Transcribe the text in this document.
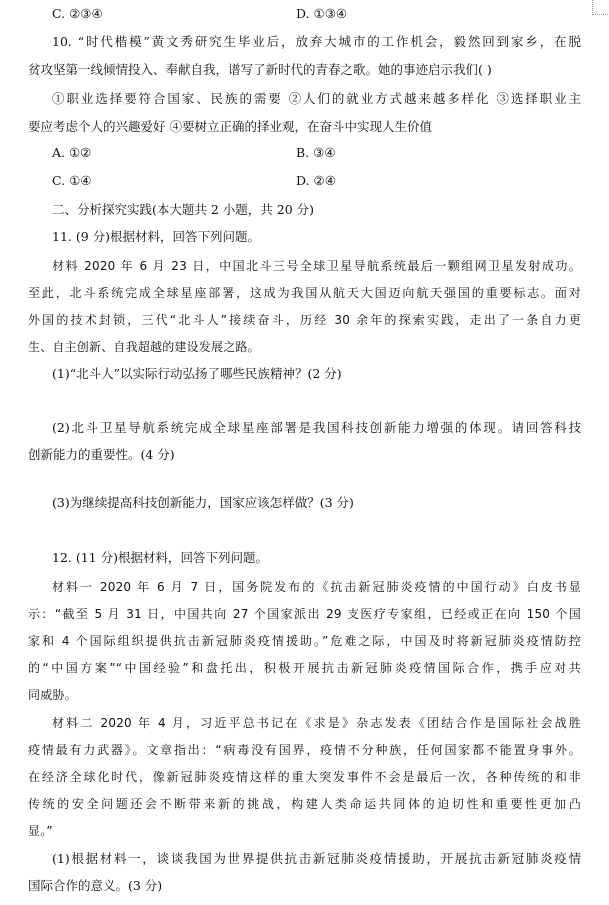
C. ②③④	D. ①③④
10. “时代楷模”黄文秀研究生毕业后，放弃大城市的工作机会，毅然回到家乡，在脱
贫攻坚第一线倾情投入、奉献自我，谱写了新时代的青春之歌。她的事迹启示我们( )
①职业选择要符合国家、民族的需要 ②人们的就业方式越来越多样化 ③选择职业主
要应考虑个人的兴趣爱好 ④要树立正确的择业观，在奋斗中实现人生价值
A. ①②	B. ③④
C. ①④	D. ②④
二、分析探究实践(本大题共 2 小题，共 20 分)
11. (9 分)根据材料，回答下列问题。
材料 2020 年 6 月 23 日，中国北斗三号全球卫星导航系统最后一颗组网卫星发射成功。
至此，北斗系统完成全球星座部署，这成为我国从航天大国迈向航天强国的重要标志。面对
外国的技术封锁，三代“北斗人”接续奋斗，历经 30 余年的探索实践，走出了一条自力更
生、自主创新、自我超越的建设发展之路。
(1)“北斗人”以实际行动弘扬了哪些民族精神？(2 分)
(2)北斗卫星导航系统完成全球星座部署是我国科技创新能力增强的体现。请回答科技
创新能力的重要性。(4 分)
(3)为继续提高科技创新能力，国家应该怎样做？(3 分)
12. (11 分)根据材料，回答下列问题。
材料一 2020 年 6 月 7 日，国务院发布的《抗击新冠肺炎疫情的中国行动》白皮书显
示：“截至 5 月 31 日，中国共向 27 个国家派出 29 支医疗专家组，已经或正在向 150 个国
家和 4 个国际组织提供抗击新冠肺炎疫情援助。”危难之际，中国及时将新冠肺炎疫情防控
的“中国方案”“中国经验”和盘托出，积极开展抗击新冠肺炎疫情国际合作，携手应对共
同威胁。
材料二 2020 年 4 月，习近平总书记在《求是》杂志发表《团结合作是国际社会战胜
疫情最有力武器》。文章指出：“病毒没有国界，疫情不分种族，任何国家都不能置身事外。
在经济全球化时代，像新冠肺炎疫情这样的重大突发事件不会是最后一次，各种传统的和非
传统的安全问题还会不断带来新的挑战，构建人类命运共同体的迫切性和重要性更加凸
显。”
(1)根据材料一，谈谈我国为世界提供抗击新冠肺炎疫情援助，开展抗击新冠肺炎疫情
国际合作的意义。(3 分)
